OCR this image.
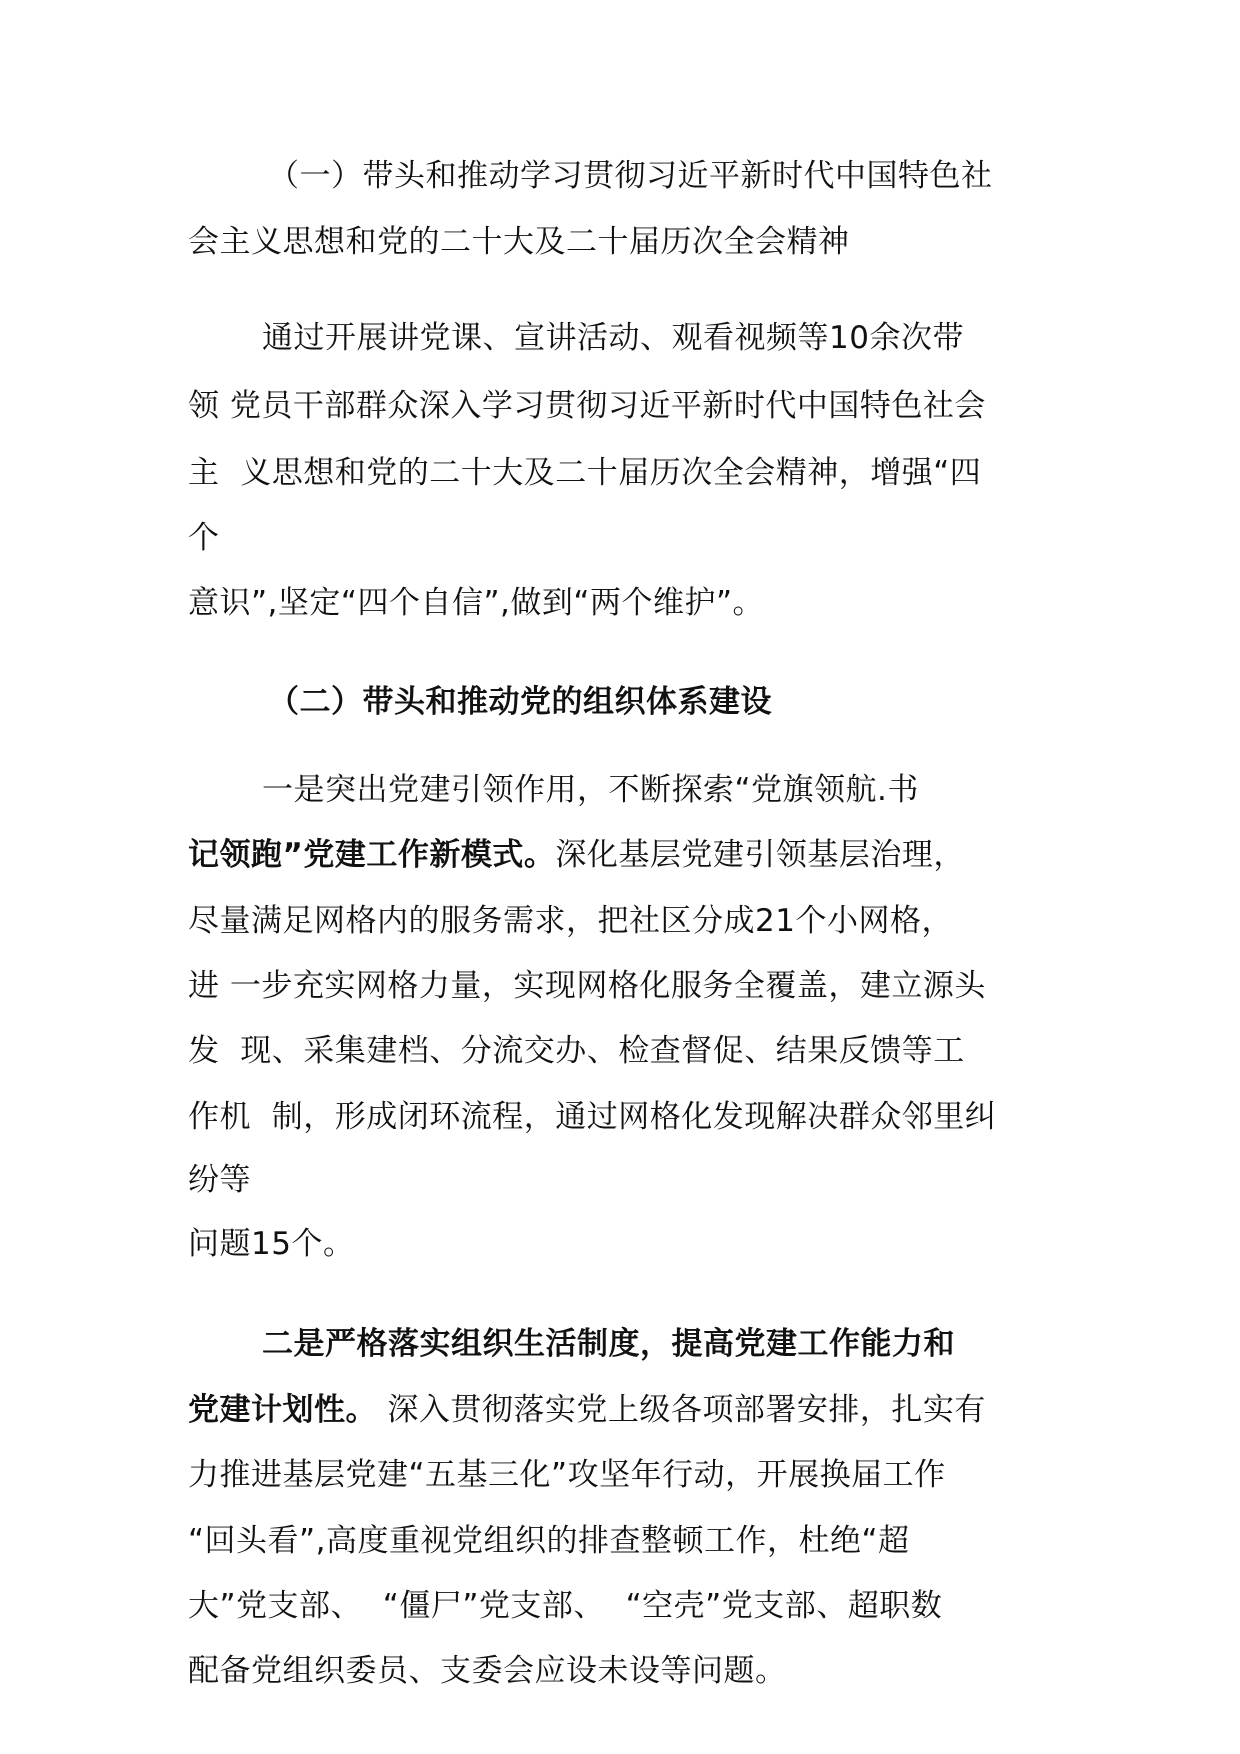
（一）带头和推动学习贯彻习近平新时代中国特色社
会主义思想和党的二十大及二十届历次全会精神
通过开展讲党课、宣讲活动、观看视频等10余次带
领 党员干部群众深入学习贯彻习近平新时代中国特色社会
主  义思想和党的二十大及二十届历次全会精神，增强“四
个
意识”,坚定“四个自信”,做到“两个维护”。
（二）带头和推动党的组织体系建设
一是突出党建引领作用，不断探索“党旗领航.书
记领跑”党建工作新模式。深化基层党建引领基层治理，
尽量满足网格内的服务需求，把社区分成21个小网格，
进 一步充实网格力量，实现网格化服务全覆盖，建立源头
发  现、采集建档、分流交办、检查督促、结果反馈等工
作机  制，形成闭环流程，通过网格化发现解决群众邻里纠
纷等
问题15个。
二是严格落实组织生活制度，提高党建工作能力和
党建计划性。 深入贯彻落实党上级各项部署安排，扎实有
力推进基层党建“五基三化”攻坚年行动，开展换届工作
“回头看”,高度重视党组织的排查整顿工作，杜绝“超
大”党支部、  “僵尸”党支部、  “空壳”党支部、超职数
配备党组织委员、支委会应设未设等问题。
